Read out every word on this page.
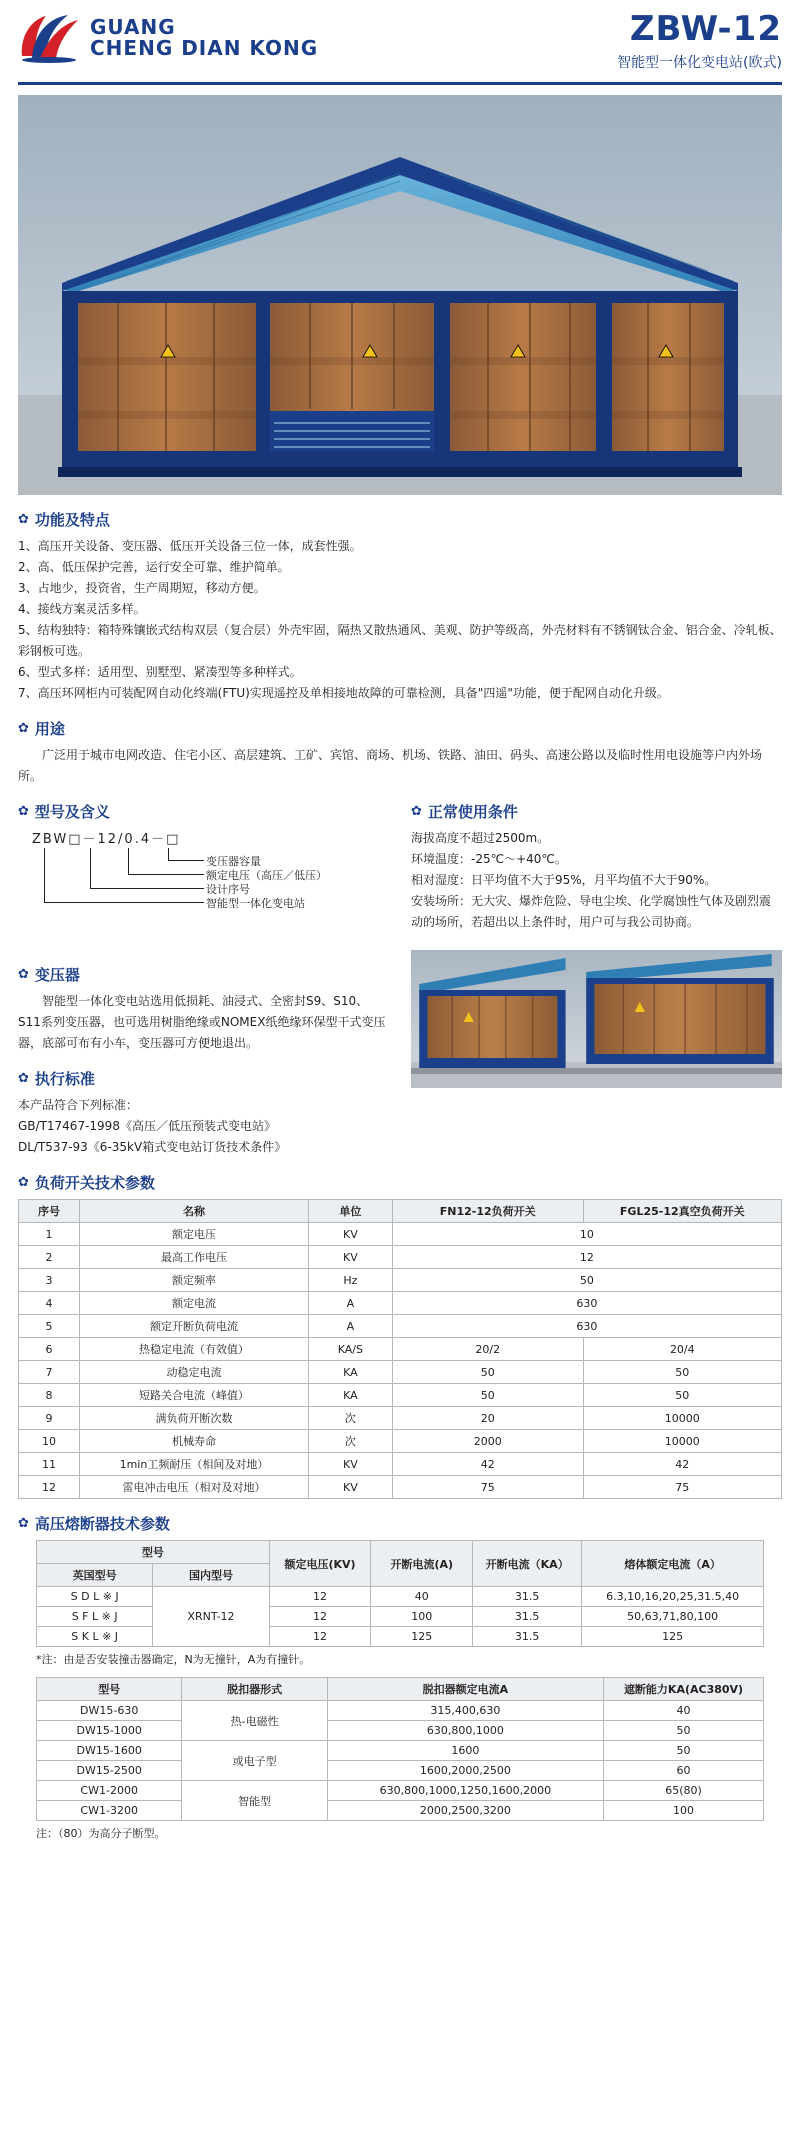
GUANG
CHENG DIAN KONG	ZBW-12
智能型一体化变电站(欧式)
✿ 功能及特点

1、高压开关设备、变压器、低压开关设备三位一体，成套性强。

2、高、低压保护完善，运行安全可靠、维护简单。

3、占地少，投资省，生产周期短，移动方便。

4、接线方案灵活多样。

5、结构独特：箱特殊镶嵌式结构双层（复合层）外壳牢固，隔热又散热通风、美观、防护等级高，外壳材料有不锈钢钛合金、铝合金、冷轧板、彩钢板可选。

6、型式多样：适用型、别墅型、紧凑型等多种样式。

7、高压环网柜内可装配网自动化终端(FTU)实现遥控及单相接地故障的可靠检测，具备"四遥"功能，便于配网自动化升级。

✿ 用途
广泛用于城市电网改造、住宅小区、高层建筑、工矿、宾馆、商场、机场、铁路、油田、码头、高速公路以及临时性用电设施等户内外场所。
✿ 型号及含义
ZBW□－12/0.4－□
变压器容量
额定电压（高压／低压）
设计序号
智能型一体化变电站
✿ 正常使用条件

海拔高度不超过2500m。

环境温度：-25℃～+40℃。

相对湿度：日平均值不大于95%，月平均值不大于90%。

安装场所：无大灾、爆炸危险、导电尘埃、化学腐蚀性气体及剧烈震动的场所，若超出以上条件时，用户可与我公司协商。

✿ 变压器
智能型一体化变电站选用低损耗、油浸式、全密封S9、S10、S11系列变压器，也可选用树脂绝缘或NOMEX纸绝缘环保型干式变压器，底部可布有小车，变压器可方便地退出。
✿ 执行标准

本产品符合下列标准：

GB/T17467-1998《高压／低压预装式变电站》

DL/T537-93《6-35kV箱式变电站订货技术条件》

✿ 负荷开关技术参数
序号	名称	单位	FN12-12负荷开关	FGL25-12真空负荷开关
1	额定电压	KV	10	
2	最高工作电压	KV	12	
3	额定频率	Hz	50	
4	额定电流	A	630	
5	额定开断负荷电流	A	630	
6	热稳定电流（有效值）	KA/S	20/2	20/4
7	动稳定电流	KA	50	50
8	短路关合电流（峰值）	KA	50	50
9	满负荷开断次数	次	20	10000
10	机械寿命	次	2000	10000
11	1min工频耐压（相间及对地）	KV	42	42
12	雷电冲击电压（相对及对地）	KV	75	75
✿ 高压熔断器技术参数
型号		额定电压(KV)	开断电流(A)	开断电流（KA）	熔体额定电流（A）
英国型号	国内型号				
S D L ※ J	XRNT-12	12	40	31.5	6.3,10,16,20,25,31.5,40
S F L ※ J		12	100	31.5	50,63,71,80,100
S K L ※ J		12	125	31.5	125
*注：由是否安装撞击器确定，N为无撞针，A为有撞针。
型号	脱扣器形式	脱扣器额定电流A	遮断能力KA(AC380V)
DW15-630	热-电磁性	315,400,630	40
DW15-1000		630,800,1000	50
DW15-1600	或电子型	1600	50
DW15-2500		1600,2000,2500	60
CW1-2000	智能型	630,800,1000,1250,1600,2000	65(80)
CW1-3200		2000,2500,3200	100
注：（80）为高分子断型。
